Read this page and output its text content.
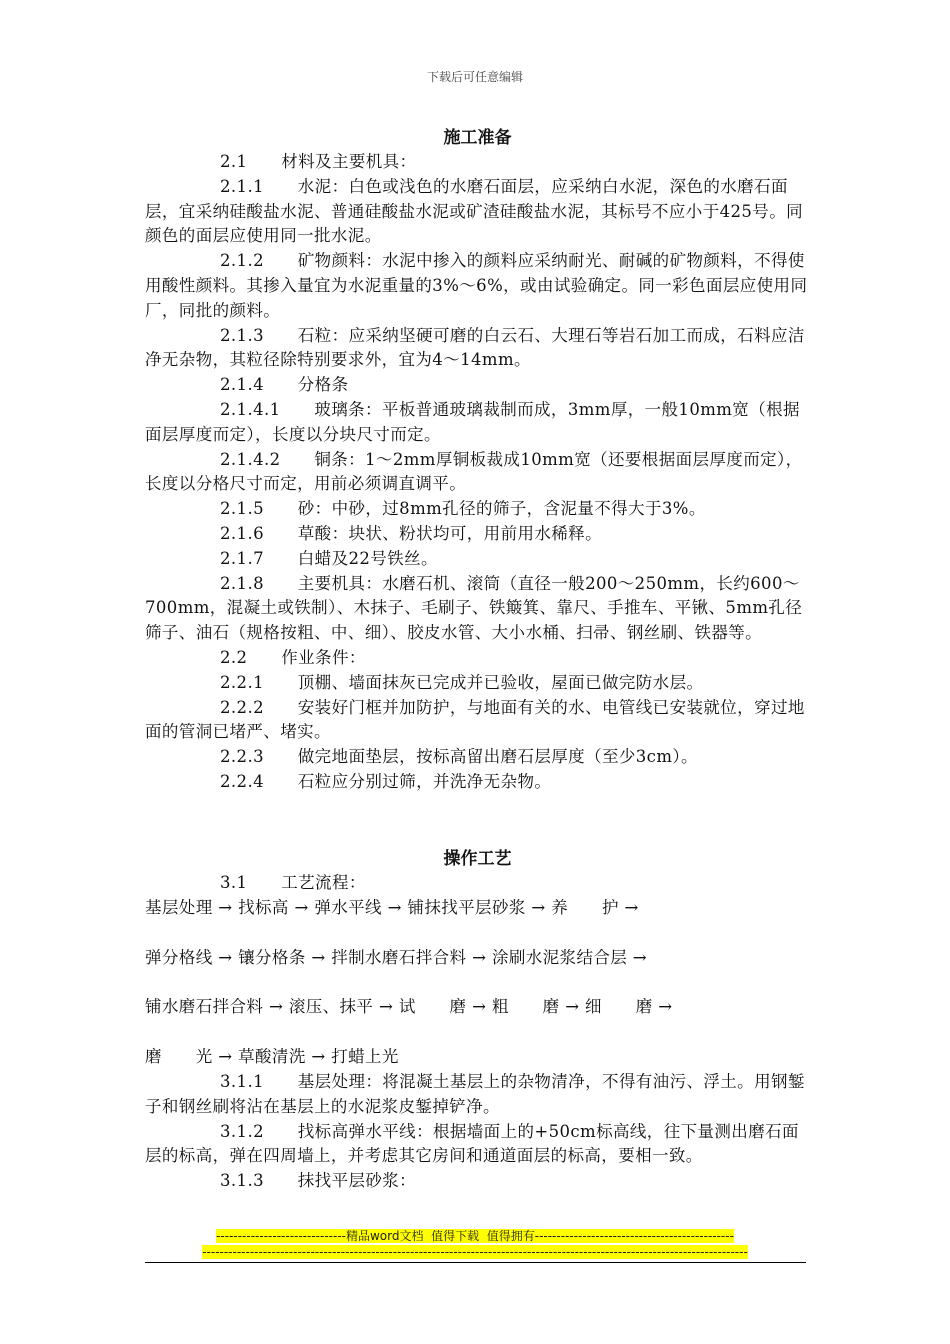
下载后可任意编辑

施工准备

2.1　　材料及主要机具：

2.1.1　　水泥：白色或浅色的水磨石面层，应采纳白水泥，深色的水磨石面层，宜采纳硅酸盐水泥、普通硅酸盐水泥或矿渣硅酸盐水泥，其标号不应小于425号。同颜色的面层应使用同一批水泥。

2.1.2　　矿物颜料：水泥中掺入的颜料应采纳耐光、耐碱的矿物颜料，不得使用酸性颜料。其掺入量宜为水泥重量的3%～6%，或由试验确定。同一彩色面层应使用同厂，同批的颜料。

2.1.3　　石粒：应采纳坚硬可磨的白云石、大理石等岩石加工而成，石料应洁净无杂物，其粒径除特别要求外，宜为4～14mm。

2.1.4　　分格条

2.1.4.1　　玻璃条：平板普通玻璃裁制而成，3mm厚，一般10mm宽（根据面层厚度而定），长度以分块尺寸而定。

2.1.4.2　　铜条：1～2mm厚铜板裁成10mm宽（还要根据面层厚度而定），长度以分格尺寸而定，用前必须调直调平。

2.1.5　　砂：中砂，过8mm孔径的筛子，含泥量不得大于3%。

2.1.6　　草酸：块状、粉状均可，用前用水稀释。

2.1.7　　白蜡及22号铁丝。

2.1.8　　主要机具：水磨石机、滚筒（直径一般200～250mm，长约600～700mm，混凝土或铁制）、木抹子、毛刷子、铁簸箕、靠尺、手推车、平锹、5mm孔径筛子、油石（规格按粗、中、细）、胶皮水管、大小水桶、扫帚、钢丝刷、铁器等。

2.2　　作业条件：

2.2.1　　顶棚、墙面抹灰已完成并已验收，屋面已做完防水层。

2.2.2　　安装好门框并加防护，与地面有关的水、电管线已安装就位，穿过地面的管洞已堵严、堵实。

2.2.3　　做完地面垫层，按标高留出磨石层厚度（至少3cm）。

2.2.4　　石粒应分别过筛，并洗净无杂物。

操作工艺

3.1　　工艺流程：

基层处理 → 找标高 → 弹水平线 → 铺抹找平层砂浆 → 养　　护 →

弹分格线 → 镶分格条 → 拌制水磨石拌合料 → 涂刷水泥浆结合层 →

铺水磨石拌合料 → 滚压、抹平 → 试　　磨 → 粗　　磨 → 细　　磨 →

磨　　光 → 草酸清洗 → 打蜡上光

3.1.1　　基层处理：将混凝土基层上的杂物清净，不得有油污、浮土。用钢錾子和钢丝刷将沾在基层上的水泥浆皮錾掉铲净。

3.1.2　　找标高弹水平线：根据墙面上的+50cm标高线，往下量测出磨石面层的标高，弹在四周墙上，并考虑其它房间和通道面层的标高，要相一致。

3.1.3　　抹找平层砂浆：

------------------------------精品word文档  值得下载  值得拥有----------------------------------------------
------------------------------------------------------------------------------------------------------------------------------
